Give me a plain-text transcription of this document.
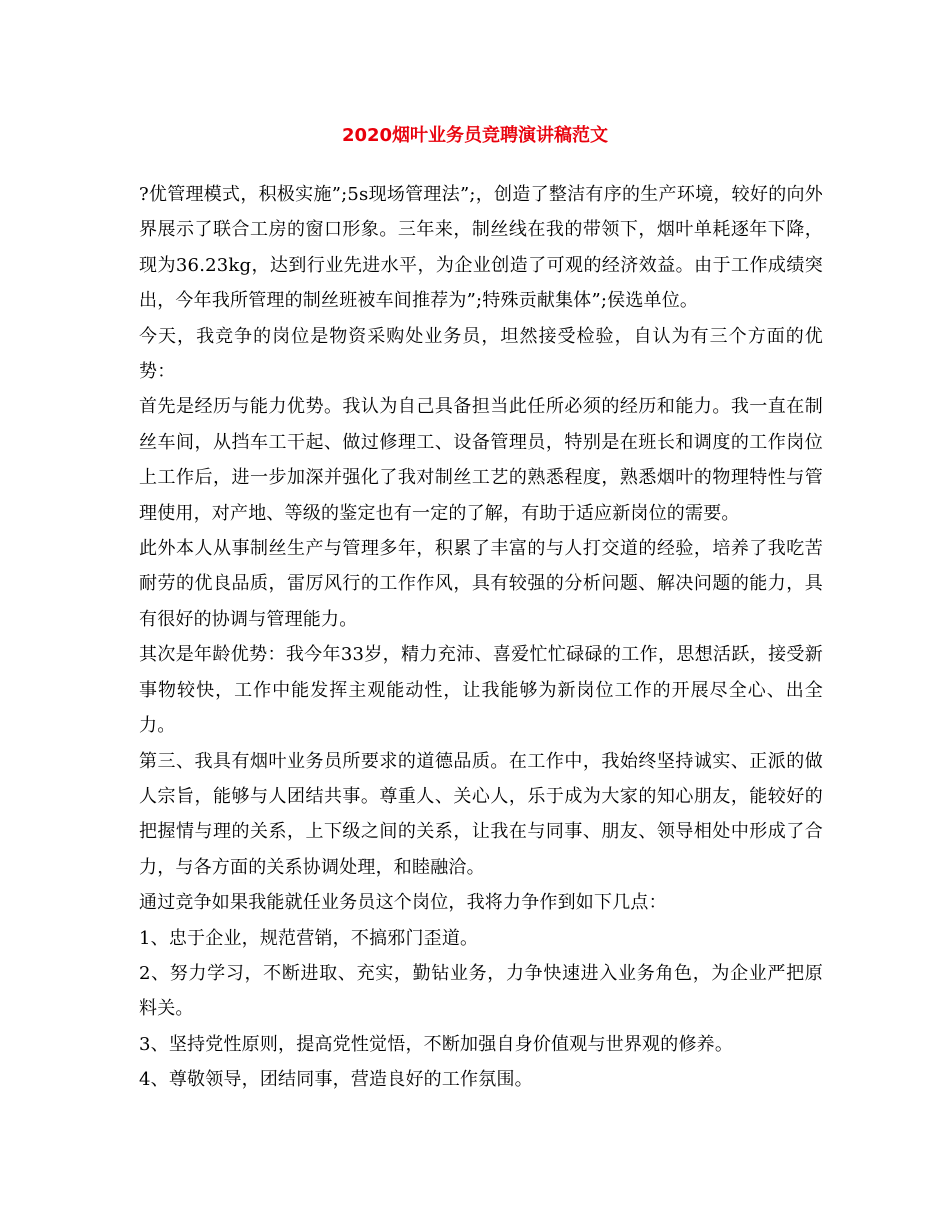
2020烟叶业务员竞聘演讲稿范文

?优管理模式，积极实施”;5s现场管理法”;，创造了整洁有序的生产环境，较好的向外界展示了联合工房的窗口形象。三年来，制丝线在我的带领下，烟叶单耗逐年下降，现为36.23kg，达到行业先进水平，为企业创造了可观的经济效益。由于工作成绩突出，今年我所管理的制丝班被车间推荐为”;特殊贡献集体”;侯选单位。

今天，我竞争的岗位是物资采购处业务员，坦然接受检验，自认为有三个方面的优势：

首先是经历与能力优势。我认为自己具备担当此任所必须的经历和能力。我一直在制丝车间，从挡车工干起、做过修理工、设备管理员，特别是在班长和调度的工作岗位上工作后，进一步加深并强化了我对制丝工艺的熟悉程度，熟悉烟叶的物理特性与管理使用，对产地、等级的鉴定也有一定的了解，有助于适应新岗位的需要。

此外本人从事制丝生产与管理多年，积累了丰富的与人打交道的经验，培养了我吃苦耐劳的优良品质，雷厉风行的工作作风，具有较强的分析问题、解决问题的能力，具有很好的协调与管理能力。

其次是年龄优势：我今年33岁，精力充沛、喜爱忙忙碌碌的工作，思想活跃，接受新事物较快，工作中能发挥主观能动性，让我能够为新岗位工作的开展尽全心、出全力。

第三、我具有烟叶业务员所要求的道德品质。在工作中，我始终坚持诚实、正派的做人宗旨，能够与人团结共事。尊重人、关心人，乐于成为大家的知心朋友，能较好的把握情与理的关系，上下级之间的关系，让我在与同事、朋友、领导相处中形成了合力，与各方面的关系协调处理，和睦融洽。

通过竞争如果我能就任业务员这个岗位，我将力争作到如下几点：

1、忠于企业，规范营销，不搞邪门歪道。

2、努力学习，不断进取、充实，勤钻业务，力争快速进入业务角色，为企业严把原料关。

3、坚持党性原则，提高党性觉悟，不断加强自身价值观与世界观的修养。

4、尊敬领导，团结同事，营造良好的工作氛围。
